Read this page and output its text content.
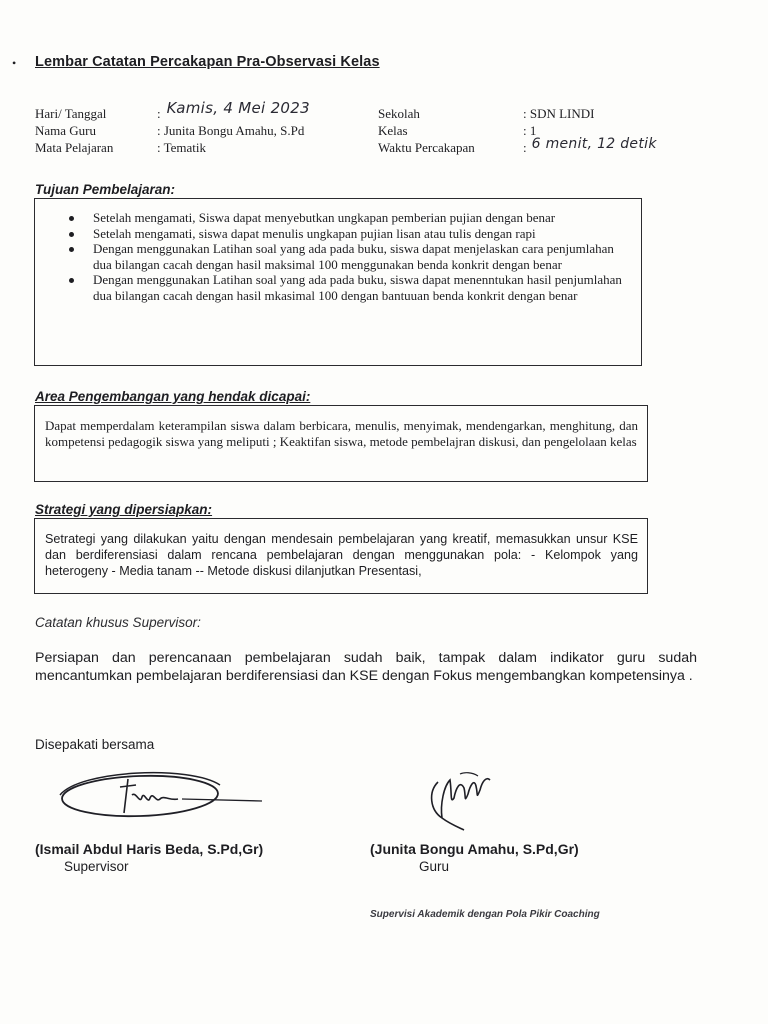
• Lembar Catatan Percakapan Pra-Observasi Kelas
Hari/ Tanggal
Nama Guru
Mata Pelajaran
: Kamis, 4 Mei 2023
: Junita Bongu Amahu, S.Pd
: Tematik
Sekolah
Kelas
Waktu Percakapan
: SDN LINDI
: 1
: 6 menit, 12 detik
Tujuan Pembelajaran:
Setelah mengamati, Siswa dapat menyebutkan ungkapan pemberian pujian dengan benar
Setelah mengamati, siswa dapat menulis ungkapan pujian lisan atau tulis dengan rapi
Dengan menggunakan Latihan soal yang ada pada buku, siswa dapat menjelaskan cara penjumlahan dua bilangan cacah dengan hasil maksimal 100 menggunakan benda konkrit dengan benar
Dengan menggunakan Latihan soal yang ada pada buku, siswa dapat menenntukan hasil penjumlahan dua bilangan cacah dengan hasil mkasimal 100 dengan bantuuan benda konkrit dengan benar
Area Pengembangan yang hendak dicapai:
Dapat memperdalam keterampilan siswa dalam berbicara, menulis, menyimak, mendengarkan, menghitung, dan kompetensi pedagogik siswa yang meliputi ; Keaktifan siswa, metode pembelajran diskusi, dan pengelolaan kelas
Strategi yang dipersiapkan:
Setrategi yang dilakukan yaitu dengan mendesain pembelajaran yang kreatif, memasukkan unsur KSE dan berdiferensiasi dalam rencana pembelajaran dengan menggunakan pola: - Kelompok yang heterogeny - Media tanam -- Metode diskusi dilanjutkan Presentasi,
Catatan khusus Supervisor:
Persiapan dan perencanaan pembelajaran sudah baik, tampak dalam indikator guru sudah mencantumkan pembelajaran berdiferensiasi dan KSE dengan Fokus mengembangkan kompetensinya .
Disepakati bersama
(Ismail Abdul Haris Beda, S.Pd,Gr)
Supervisor
(Junita Bongu Amahu, S.Pd,Gr)
Guru
Supervisi Akademik dengan Pola Pikir Coaching
